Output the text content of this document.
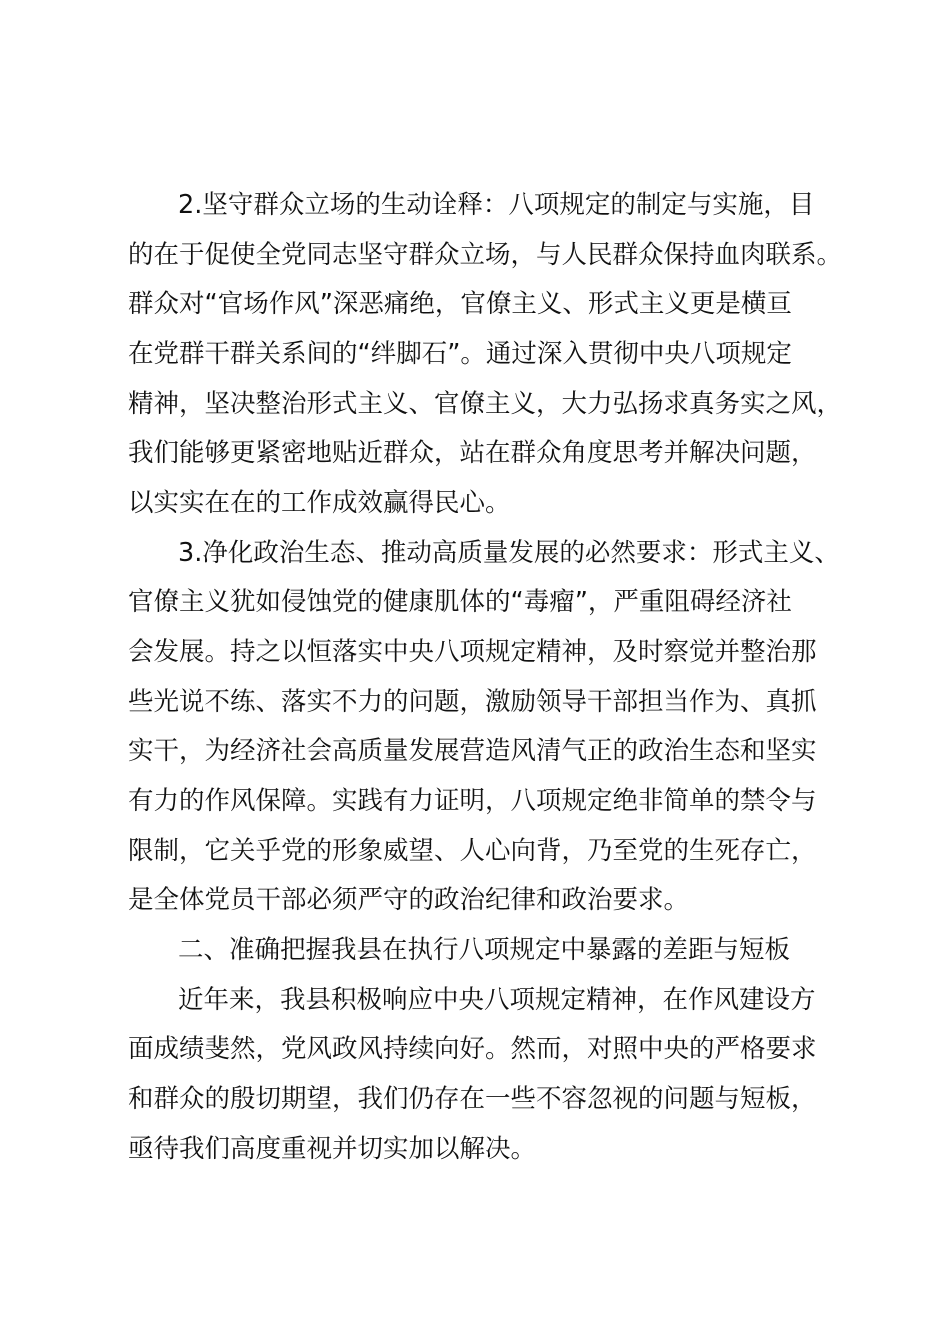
2.坚守群众立场的生动诠释：八项规定的制定与实施，目
的在于促使全党同志坚守群众立场，与人民群众保持血肉联系。
群众对“官场作风”深恶痛绝，官僚主义、形式主义更是横亘
在党群干群关系间的“绊脚石”。通过深入贯彻中央八项规定
精神，坚决整治形式主义、官僚主义，大力弘扬求真务实之风，
我们能够更紧密地贴近群众，站在群众角度思考并解决问题，
以实实在在的工作成效赢得民心。
3.净化政治生态、推动高质量发展的必然要求：形式主义、
官僚主义犹如侵蚀党的健康肌体的“毒瘤”，严重阻碍经济社
会发展。持之以恒落实中央八项规定精神，及时察觉并整治那
些光说不练、落实不力的问题，激励领导干部担当作为、真抓
实干，为经济社会高质量发展营造风清气正的政治生态和坚实
有力的作风保障。实践有力证明，八项规定绝非简单的禁令与
限制，它关乎党的形象威望、人心向背，乃至党的生死存亡，
是全体党员干部必须严守的政治纪律和政治要求。
二、准确把握我县在执行八项规定中暴露的差距与短板
近年来，我县积极响应中央八项规定精神，在作风建设方
面成绩斐然，党风政风持续向好。然而，对照中央的严格要求
和群众的殷切期望，我们仍存在一些不容忽视的问题与短板，
亟待我们高度重视并切实加以解决。
